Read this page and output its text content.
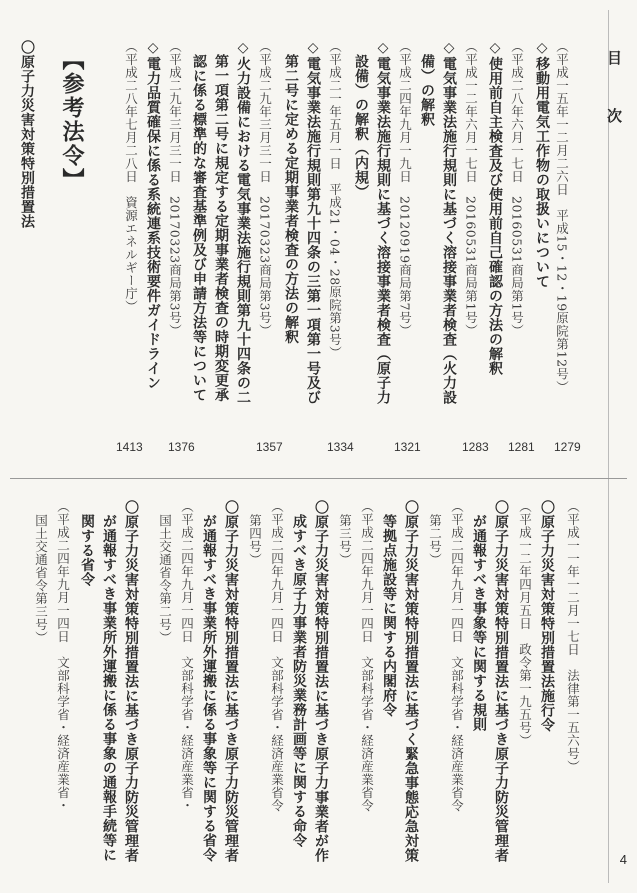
目　次
◇移動用電気工作物の取扱いについて （平成一五年一二月二六日　平成15・12・19原院第12号）
1279
◇使用前自主検査及び使用前自己確認の方法の解釈 （平成二八年六月一七日　20160531商局第1号）
1281
◇電気事業法施行規則に基づく溶接事業者検査（火力設
備）の解釈 （平成一二年六月一七日　20160531商局第1号）
1283
◇電気事業法施行規則に基づく溶接事業者検査（原子力
設備）の解釈（内規） （平成二四年九月一九日　20120919商局第7号）
1321
◇電気事業法施行規則第九十四条の三第一項第一号及び
第二号に定める定期事業者検査の方法の解釈 （平成二一年五月一日　平成21・04・28原院第3号）
1334
◇火力設備における電気事業法施行規則第九十四条の二
第一項第二号に規定する定期事業者検査の時期変更承
認に係る標準的な審査基準例及び申請方法等について	（平成二九年三月三一日　20170323商局第3号）
1357
◇電力品質確保に係る系統連系技術要件ガイドライン （平成二九年三月三一日　20170323商局第3号）
1376
（平成二八年七月二八日　資源エネルギー庁）
1413
【参考法令】
〇原子力災害対策特別措置法
（平成一一年一二月一七日　法律第一五六号）
〇原子力災害対策特別措置法施行令
（平成一二年四月五日　政令第一九五号）
〇原子力災害対策特別措置法に基づき原子力防災管理者
が通報すべき事象等に関する規則
（平成二四年九月一四日　文部科学省・経済産業省令
第二号）
〇原子力災害対策特別措置法に基づく緊急事態応急対策
等拠点施設等に関する内閣府令
（平成二四年九月一四日　文部科学省・経済産業省令
第三号）
〇原子力災害対策特別措置法に基づき原子力事業者が作
成すべき原子力事業者防災業務計画等に関する命令
（平成二四年九月一四日　文部科学省・経済産業省令
第四号）
〇原子力災害対策特別措置法に基づき原子力防災管理者
が通報すべき事業所外運搬に係る事象等に関する省令
（平成二四年九月一四日　文部科学省・経済産業省・
国土交通省令第二号）
〇原子力災害対策特別措置法に基づき原子力防災管理者
が通報すべき事業所外運搬に係る事象の通報手続等に
関する省令
（平成二四年九月一四日　文部科学省・経済産業省・
国土交通省令第三号）
4
